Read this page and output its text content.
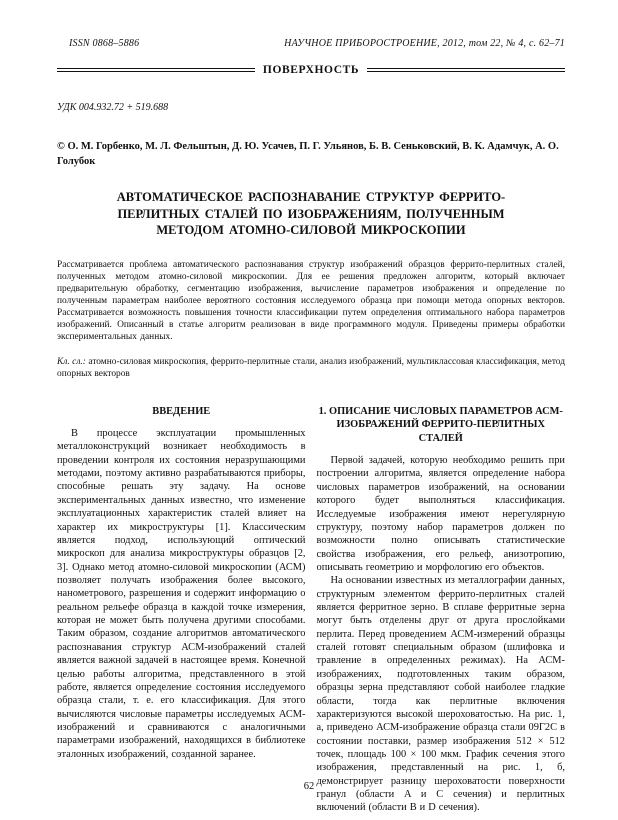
ISSN 0868–5886	НАУЧНОЕ ПРИБОРОСТРОЕНИЕ, 2012, том 22, № 4, c. 62–71
ПОВЕРХНОСТЬ
УДК 004.932.72 + 519.688
© О. М. Горбенко, М. Л. Фельштын, Д. Ю. Усачев, П. Г. Ульянов, Б. В. Сеньковский, В. К. Адамчук, А. О. Голубок
АВТОМАТИЧЕСКОЕ РАСПОЗНАВАНИЕ СТРУКТУР ФЕРРИТО-ПЕРЛИТНЫХ СТАЛЕЙ ПО ИЗОБРАЖЕНИЯМ, ПОЛУЧЕННЫМ МЕТОДОМ АТОМНО-СИЛОВОЙ МИКРОСКОПИИ
Рассматривается проблема автоматического распознавания структур изображений образцов феррито-перлитных сталей, полученных методом атомно-силовой микроскопии. Для ее решения предложен алгоритм, который включает предварительную обработку, сегментацию изображения, вычисление параметров изображения и определение по полученным параметрам наиболее вероятного состояния исследуемого образца при помощи метода опорных векторов. Рассматривается возможность повышения точности классификации путем определения оптимального набора параметров изображений. Описанный в статье алгоритм реализован в виде программного модуля. Приведены примеры обработки экспериментальных данных.
Кл. сл.: атомно-силовая микроскопия, феррито-перлитные стали, анализ изображений, мультиклассовая классификация, метод опорных векторов
ВВЕДЕНИЕ

В процессе эксплуатации промышленных металлоконструкций возникает необходимость в проведении контроля их состояния неразрушающими методами, поэтому активно разрабатываются приборы, способные решать эту задачу. На основе экспериментальных данных известно, что изменение эксплуатационных характеристик сталей влияет на характер их микроструктуры [1]. Классическим является подход, использующий оптический микроскоп для анализа микроструктуры образцов [2, 3]. Однако метод атомно-силовой микроскопии (АСМ) позволяет получать изображения более высокого, нанометрового, разрешения и содержит информацию о реальном рельефе образца в каждой точке измерения, которая не может быть получена другими способами. Таким образом, создание алгоритмов автоматического распознавания структур АСМ-изображений сталей является важной задачей в настоящее время. Конечной целью работы алгоритма, представленного в этой работе, является определение состояния исследуемого образца стали, т. е. его классификация. Для этого вычисляются числовые параметры исследуемых АСМ-изображений и сравниваются с аналогичными параметрами изображений, находящихся в библиотеке эталонных изображений, созданной заранее.

1. ОПИСАНИЕ ЧИСЛОВЫХ ПАРАМЕТРОВ АСМ-ИЗОБРАЖЕНИЙ ФЕРРИТО-ПЕРЛИТНЫХ СТАЛЕЙ

Первой задачей, которую необходимо решить при построении алгоритма, является определение набора числовых параметров изображений, на основании которого будет выполняться классификация. Исследуемые изображения имеют нерегулярную структуру, поэтому набор параметров должен по возможности полно описывать статистические свойства изображения, его рельеф, анизотропию, описывать геометрию и морфологию его объектов.

На основании известных из металлографии данных, структурным элементом феррито-перлитных сталей является ферритное зерно. В сплаве ферритные зерна могут быть отделены друг от друга прослойками перлита. Перед проведением АСМ-измерений образцы сталей готовят специальным образом (шлифовка и травление в определенных режимах). На АСМ-изображениях, подготовленных таким образом, образцы зерна представляют собой наиболее гладкие области, тогда как перлитные включения характеризуются высокой шероховатостью. На рис. 1, а, приведено АСМ-изображение образца стали 09Г2С в состоянии поставки, размер изображения 512 × 512 точек, площадь 100 × 100 мкм. График сечения этого изображения, представленный на рис. 1, б, демонстрирует разницу шероховатости поверхности гранул (области A и C сечения) и перлитных включений (области B и D сечения).

62
